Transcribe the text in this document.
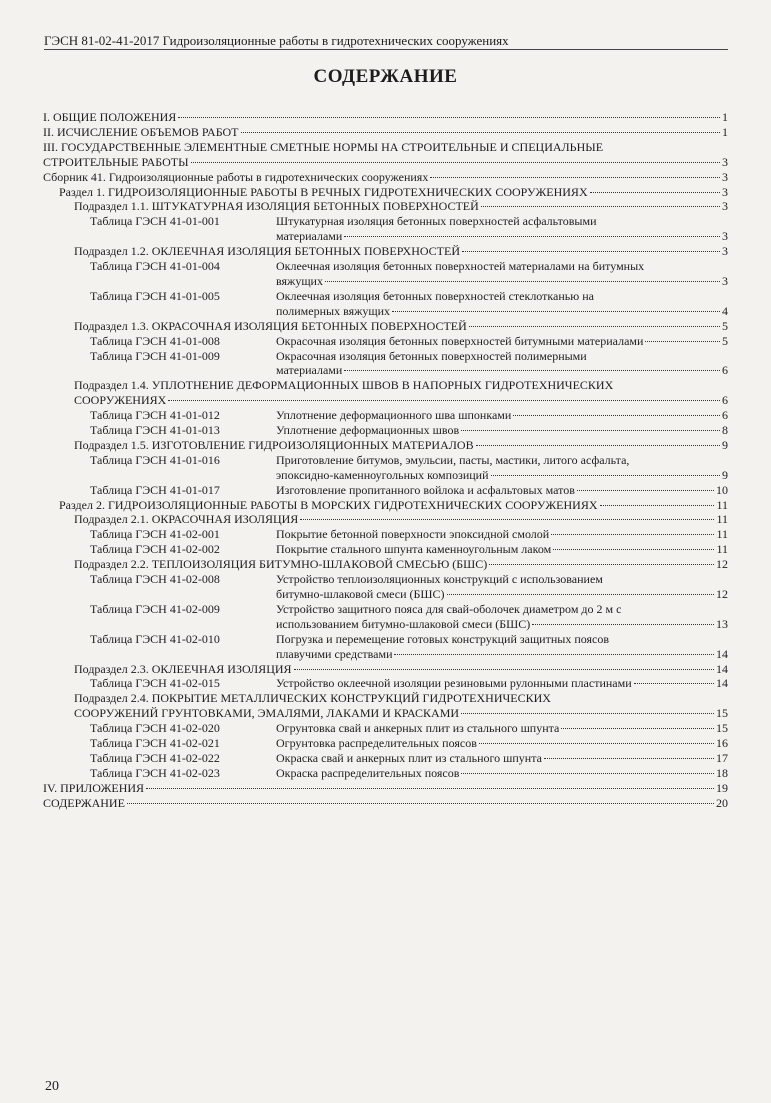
ГЭСН 81-02-41-2017 Гидроизоляционные работы в гидротехнических сооружениях
СОДЕРЖАНИЕ
I. ОБЩИЕ ПОЛОЖЕНИЯ	1
II. ИСЧИСЛЕНИЕ ОБЪЕМОВ РАБОТ	1
III. ГОСУДАРСТВЕННЫЕ ЭЛЕМЕНТНЫЕ СМЕТНЫЕ НОРМЫ НА СТРОИТЕЛЬНЫЕ И СПЕЦИАЛЬНЫЕ
СТРОИТЕЛЬНЫЕ РАБОТЫ	3
Сборник 41. Гидроизоляционные работы в гидротехнических сооружениях	3
Раздел 1. ГИДРОИЗОЛЯЦИОННЫЕ РАБОТЫ В РЕЧНЫХ ГИДРОТЕХНИЧЕСКИХ СООРУЖЕНИЯХ	3
Подраздел 1.1. ШТУКАТУРНАЯ ИЗОЛЯЦИЯ БЕТОННЫХ ПОВЕРХНОСТЕЙ	3
Таблица ГЭСН 41-01-001	Штукатурная изоляция бетонных поверхностей асфальтовыми
материалами	3
Подраздел 1.2. ОКЛЕЕЧНАЯ ИЗОЛЯЦИЯ БЕТОННЫХ ПОВЕРХНОСТЕЙ	3
Таблица ГЭСН 41-01-004	Оклеечная изоляция бетонных поверхностей материалами на битумных
вяжущих	3
Таблица ГЭСН 41-01-005	Оклеечная изоляция бетонных поверхностей стеклотканью на
полимерных вяжущих	4
Подраздел 1.3. ОКРАСОЧНАЯ ИЗОЛЯЦИЯ БЕТОННЫХ ПОВЕРХНОСТЕЙ	5
Таблица ГЭСН 41-01-008	Окрасочная изоляция бетонных поверхностей битумными материалами	5
Таблица ГЭСН 41-01-009	Окрасочная изоляция бетонных поверхностей полимерными
материалами	6
Подраздел 1.4. УПЛОТНЕНИЕ ДЕФОРМАЦИОННЫХ ШВОВ В НАПОРНЫХ ГИДРОТЕХНИЧЕСКИХ
СООРУЖЕНИЯХ	6
Таблица ГЭСН 41-01-012	Уплотнение деформационного шва шпонками	6
Таблица ГЭСН 41-01-013	Уплотнение деформационных швов	8
Подраздел 1.5. ИЗГОТОВЛЕНИЕ ГИДРОИЗОЛЯЦИОННЫХ МАТЕРИАЛОВ	9
Таблица ГЭСН 41-01-016	Приготовление битумов, эмульсии, пасты, мастики, литого асфальта,
эпоксидно-каменноугольных композиций	9
Таблица ГЭСН 41-01-017	Изготовление пропитанного войлока и асфальтовых матов	10
Раздел 2. ГИДРОИЗОЛЯЦИОННЫЕ РАБОТЫ В МОРСКИХ ГИДРОТЕХНИЧЕСКИХ СООРУЖЕНИЯХ	11
Подраздел 2.1. ОКРАСОЧНАЯ ИЗОЛЯЦИЯ	11
Таблица ГЭСН 41-02-001	Покрытие бетонной поверхности эпоксидной смолой	11
Таблица ГЭСН 41-02-002	Покрытие стального шпунта каменноугольным лаком	11
Подраздел 2.2. ТЕПЛОИЗОЛЯЦИЯ БИТУМНО-ШЛАКОВОЙ СМЕСЬЮ (БШС)	12
Таблица ГЭСН 41-02-008	Устройство теплоизоляционных конструкций с использованием
битумно-шлаковой смеси (БШС)	12
Таблица ГЭСН 41-02-009	Устройство защитного пояса для свай-оболочек диаметром до 2 м с
использованием битумно-шлаковой смеси (БШС)	13
Таблица ГЭСН 41-02-010	Погрузка и перемещение готовых конструкций защитных поясов
плавучими средствами	14
Подраздел 2.3. ОКЛЕЕЧНАЯ ИЗОЛЯЦИЯ	14
Таблица ГЭСН 41-02-015	Устройство оклеечной изоляции резиновыми рулонными пластинами	14
Подраздел 2.4. ПОКРЫТИЕ МЕТАЛЛИЧЕСКИХ КОНСТРУКЦИЙ ГИДРОТЕХНИЧЕСКИХ
СООРУЖЕНИЙ ГРУНТОВКАМИ, ЭМАЛЯМИ, ЛАКАМИ И КРАСКАМИ	15
Таблица ГЭСН 41-02-020	Огрунтовка свай и анкерных плит из стального шпунта	15
Таблица ГЭСН 41-02-021	Огрунтовка распределительных поясов	16
Таблица ГЭСН 41-02-022	Окраска свай и анкерных плит из стального шпунта	17
Таблица ГЭСН 41-02-023	Окраска распределительных поясов	18
IV. ПРИЛОЖЕНИЯ	19
СОДЕРЖАНИЕ	20
20
